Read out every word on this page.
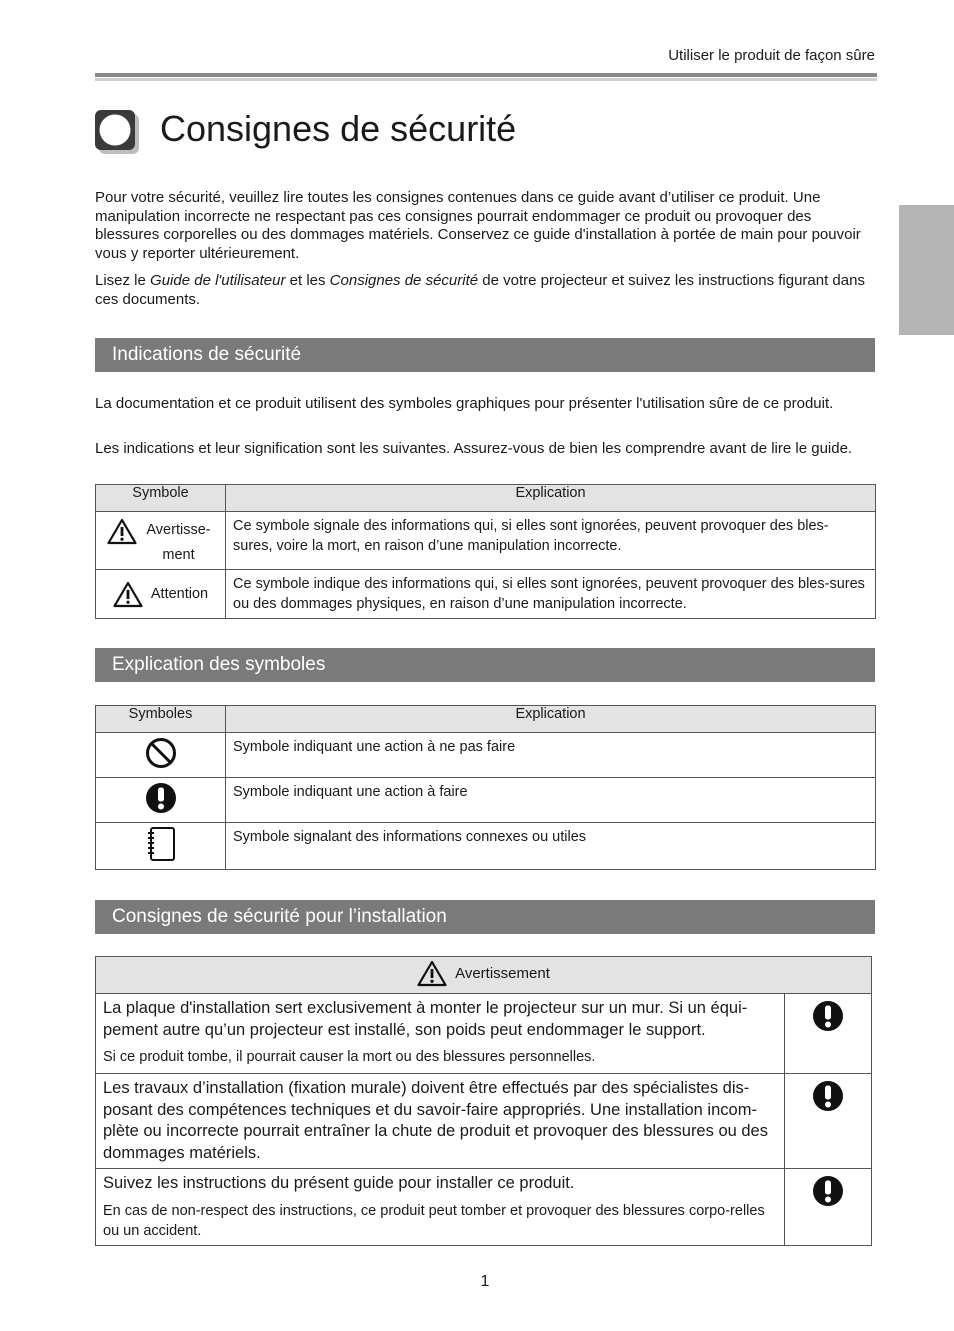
Utiliser le produit de façon sûre
Consignes de sécurité

Pour votre sécurité, veuillez lire toutes les consignes contenues dans ce guide avant d’utiliser ce produit. Une manipulation incorrecte ne respectant pas ces consignes pourrait endommager ce produit ou provoquer des blessures corporelles ou des dommages matériels. Conservez ce guide d'installation à portée de main pour pouvoir vous y reporter ultérieurement.

Lisez le Guide de l'utilisateur et les Consignes de sécurité de votre projecteur et suivez les instructions figurant dans ces documents.

Indications de sécurité

La documentation et ce produit utilisent des symboles graphiques pour présenter l'utilisation sûre de ce produit.

Les indications et leur signification sont les suivantes. Assurez-vous de bien les comprendre avant de lire le guide.

Symbole	Explication

Avertisse-ment	Ce symbole signale des informations qui, si elles sont ignorées, peuvent provoquer des bles-sures, voire la mort, en raison d’une manipulation incorrecte.

Attention	Ce symbole indique des informations qui, si elles sont ignorées, peuvent provoquer des bles-sures ou des dommages physiques, en raison d’une manipulation incorrecte.
Explication des symboles
Symboles	Explication
	Symbole indiquant une action à ne pas faire
	Symbole indiquant une action à faire
	Symbole signalant des informations connexes ou utiles
Consignes de sécurité pour l’installation
Avertissement	

La plaque d'installation sert exclusivement à monter le projecteur sur un mur. Si un équi-pement autre qu’un projecteur est installé, son poids peut endommager le support.
Si ce produit tombe, il pourrait causer la mort ou des blessures personnelles.

Les travaux d’installation (fixation murale) doivent être effectués par des spécialistes dis-posant des compétences techniques et du savoir-faire appropriés. Une installation incom-plète ou incorrecte pourrait entraîner la chute de produit et provoquer des blessures ou des dommages matériels.

Suivez les instructions du présent guide pour installer ce produit.
En cas de non-respect des instructions, ce produit peut tomber et provoquer des blessures corpo-relles ou un accident.

1
